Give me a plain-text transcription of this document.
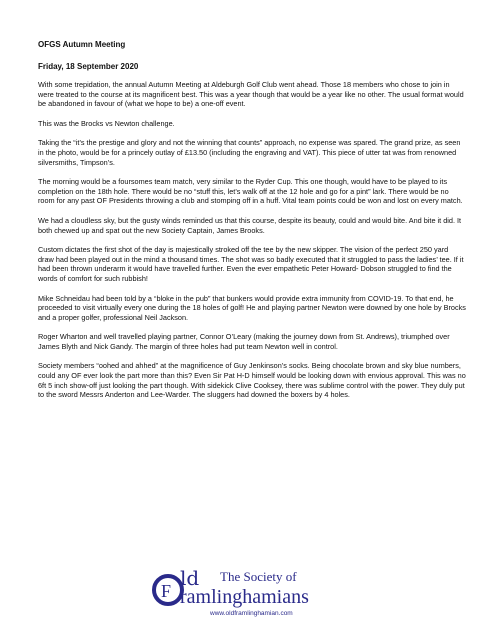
OFGS Autumn Meeting
Friday, 18 September 2020

With some trepidation, the annual Autumn Meeting at Aldeburgh Golf Club went ahead. Those 18 members who chose to join in were treated to the course at its magnificent best. This was a year though that would be a year like no other. The usual format would be abandoned in favour of (what we hope to be) a one-off event.

This was the Brocks vs Newton challenge.

Taking the “it’s the prestige and glory and not the winning that counts” approach, no expense was spared. The grand prize, as seen in the photo, would be for a princely outlay of £13.50 (including the engraving and VAT). This piece of utter tat was from renowned silversmiths, Timpson’s.

The morning would be a foursomes team match, very similar to the Ryder Cup. This one though, would have to be played to its completion on the 18th hole. There would be no “stuff this, let’s walk off at the 12 hole and go for a pint” lark. There would be no room for any past OF Presidents throwing a club and stomping off in a huff. Vital team points could be won and lost on every match.

We had a cloudless sky, but the gusty winds reminded us that this course, despite its beauty, could and would bite. And bite it did. It both chewed up and spat out the new Society Captain, James Brooks.

Custom dictates the first shot of the day is majestically stroked off the tee by the new skipper. The vision of the perfect 250 yard draw had been played out in the mind a thousand times. The shot was so badly executed that it struggled to pass the ladies’ tee. If it had been thrown underarm it would have travelled further. Even the ever empathetic Peter Howard- Dobson struggled to find the words of comfort for such rubbish!

Mike Schneidau had been told by a “bloke in the pub” that bunkers would provide extra immunity from COVID-19. To that end, he proceeded to visit virtually every one during the 18 holes of golf! He and playing partner Newton were downed by one hole by Brocks and a proper golfer, professional Neil Jackson.

Roger Wharton and well travelled playing partner, Connor O’Leary (making the journey down from St. Andrews), triumphed over James Blyth and Nick Gandy. The margin of three holes had put team Newton well in control.

Society members “oohed and ahhed” at the magnificence of Guy Jenkinson’s socks. Being chocolate brown and sky blue numbers, could any OF ever look the part more than this? Even Sir Pat H-D himself would be looking down with envious approval. This was no 6ft 5 inch show-off just looking the part though. With sidekick Clive Cooksey, there was sublime control with the power. They duly put to the sword Messrs Anderton and Lee-Warder. The sluggers had downed the boxers by 4 holes.

F
ld The Society of
ramlinghamians
www.oldframlinghamian.com
